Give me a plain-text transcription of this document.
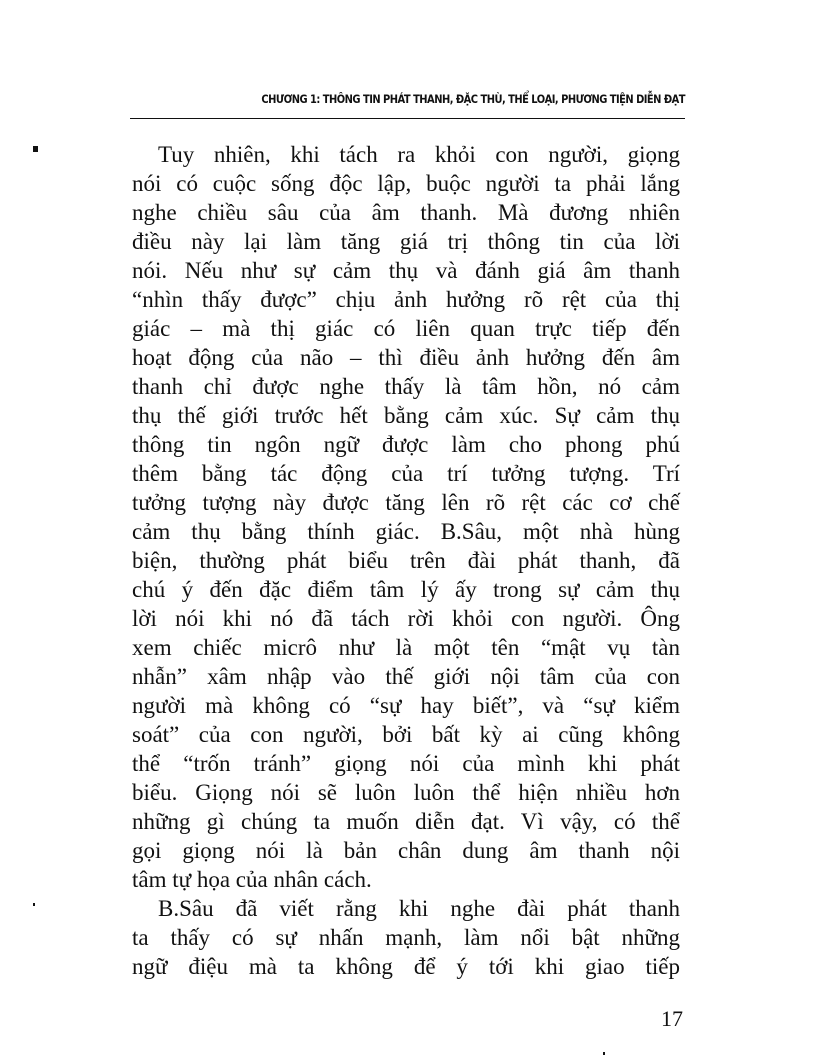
CHƯƠNG 1: THÔNG TIN PHÁT THANH, ĐẶC THÙ, THỂ LOẠI, PHƯƠNG TIỆN DIỄN ĐẠT
Tuy nhiên, khi tách ra khỏi con người, giọng
nói có cuộc sống độc lập, buộc người ta phải lắng
nghe chiều sâu của âm thanh. Mà đương nhiên
điều này lại làm tăng giá trị thông tin của lời
nói. Nếu như sự cảm thụ và đánh giá âm thanh
“nhìn thấy được” chịu ảnh hưởng rõ rệt của thị
giác – mà thị giác có liên quan trực tiếp đến
hoạt động của não – thì điều ảnh hưởng đến âm
thanh chỉ được nghe thấy là tâm hồn, nó cảm
thụ thế giới trước hết bằng cảm xúc. Sự cảm thụ
thông tin ngôn ngữ được làm cho phong phú
thêm bằng tác động của trí tưởng tượng. Trí
tưởng tượng này được tăng lên rõ rệt các cơ chế
cảm thụ bằng thính giác. B.Sâu, một nhà hùng
biện, thường phát biểu trên đài phát thanh, đã
chú ý đến đặc điểm tâm lý ấy trong sự cảm thụ
lời nói khi nó đã tách rời khỏi con người. Ông
xem chiếc micrô như là một tên “mật vụ tàn
nhẫn” xâm nhập vào thế giới nội tâm của con
người mà không có “sự hay biết”, và “sự kiểm
soát” của con người, bởi bất kỳ ai cũng không
thể “trốn tránh” giọng nói của mình khi phát
biểu. Giọng nói sẽ luôn luôn thể hiện nhiều hơn
những gì chúng ta muốn diễn đạt. Vì vậy, có thể
gọi giọng nói là bản chân dung âm thanh nội
tâm tự họa của nhân cách.
B.Sâu đã viết rằng khi nghe đài phát thanh
ta thấy có sự nhấn mạnh, làm nổi bật những
ngữ điệu mà ta không để ý tới khi giao tiếp
17
